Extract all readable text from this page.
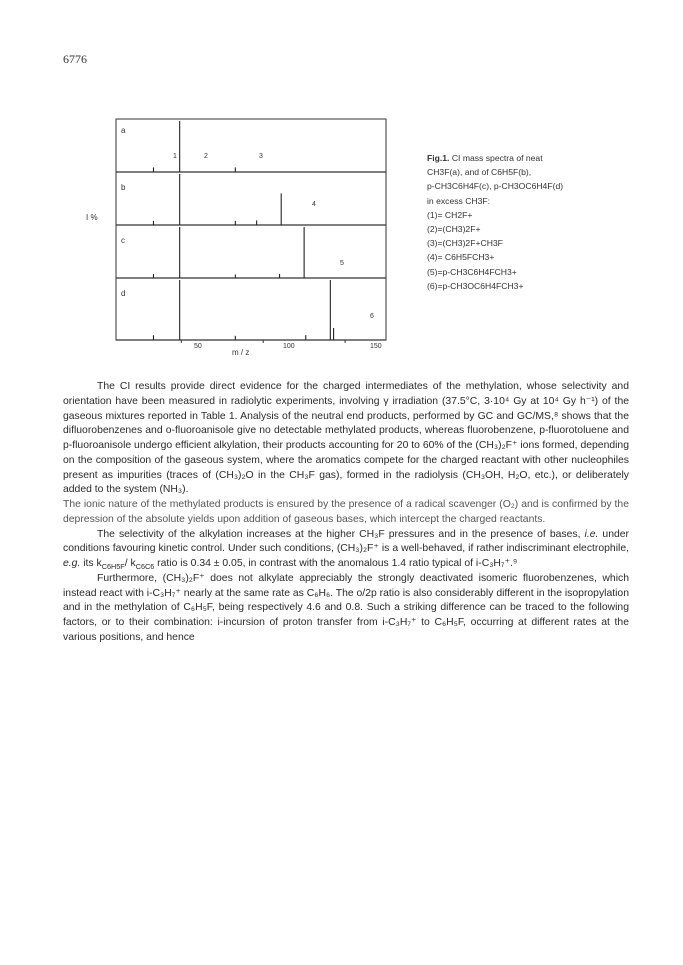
6776
a
b
c
d
I %
1	2	3
4
5
6
50	100	150
m / z
Fig.1. CI mass spectra of neat
CH3F(a), and of C6H5F(b),
p-CH3C6H4F(c), p-CH3OC6H4F(d)
in excess CH3F:
(1)= CH2F+
(2)=(CH3)2F+
(3)=(CH3)2F+CH3F
(4)= C6H5FCH3+
(5)=p-CH3C6H4FCH3+
(6)=p-CH3OC6H4FCH3+

The CI results provide direct evidence for the charged intermediates of the methylation, whose selectivity and orientation have been measured in radiolytic experiments, involving γ irradiation (37.5°C, 3·10⁴ Gy at 10⁴ Gy h⁻¹) of the gaseous mixtures reported in Table 1. Analysis of the neutral end products, performed by GC and GC/MS,⁸ shows that the difluorobenzenes and o-fluoroanisole give no detectable methylated products, whereas fluorobenzene, p-fluorotoluene and p-fluoroanisole undergo efficient alkylation, their products accounting for 20 to 60% of the (CH₃)₂F⁺ ions formed, depending on the composition of the gaseous system, where the aromatics compete for the charged reactant with other nucleophiles present as impurities (traces of (CH₃)₂O in the CH₃F gas), formed in the radiolysis (CH₃OH, H₂O, etc.), or deliberately added to the system (NH₃).

The ionic nature of the methylated products is ensured by the presence of a radical scavenger (O₂) and is confirmed by the depression of the absolute yields upon addition of gaseous bases, which intercept the charged reactants.

The selectivity of the alkylation increases at the higher CH₃F pressures and in the presence of bases, i.e. under conditions favouring kinetic control. Under such conditions, (CH₃)₂F⁺ is a well-behaved, if rather indiscriminant electrophile, e.g. its $k_{C6H5F}/$ $k_{C6C6}$ ratio is 0.34 ± 0.05, in contrast with the anomalous 1.4 ratio typical of i-C₃H₇⁺.⁹

Furthermore, (CH₃)₂F⁺ does not alkylate appreciably the strongly deactivated isomeric fluorobenzenes, which instead react with i-C₃H₇⁺ nearly at the same rate as C₆H₆. The o/2p ratio is also considerably different in the isopropylation and in the methylation of C₆H₅F, being respectively 4.6 and 0.8. Such a striking difference can be traced to the following factors, or to their combination: i-incursion of proton transfer from i-C₃H₇⁺ to C₆H₅F, occurring at different rates at the various positions, and hence
